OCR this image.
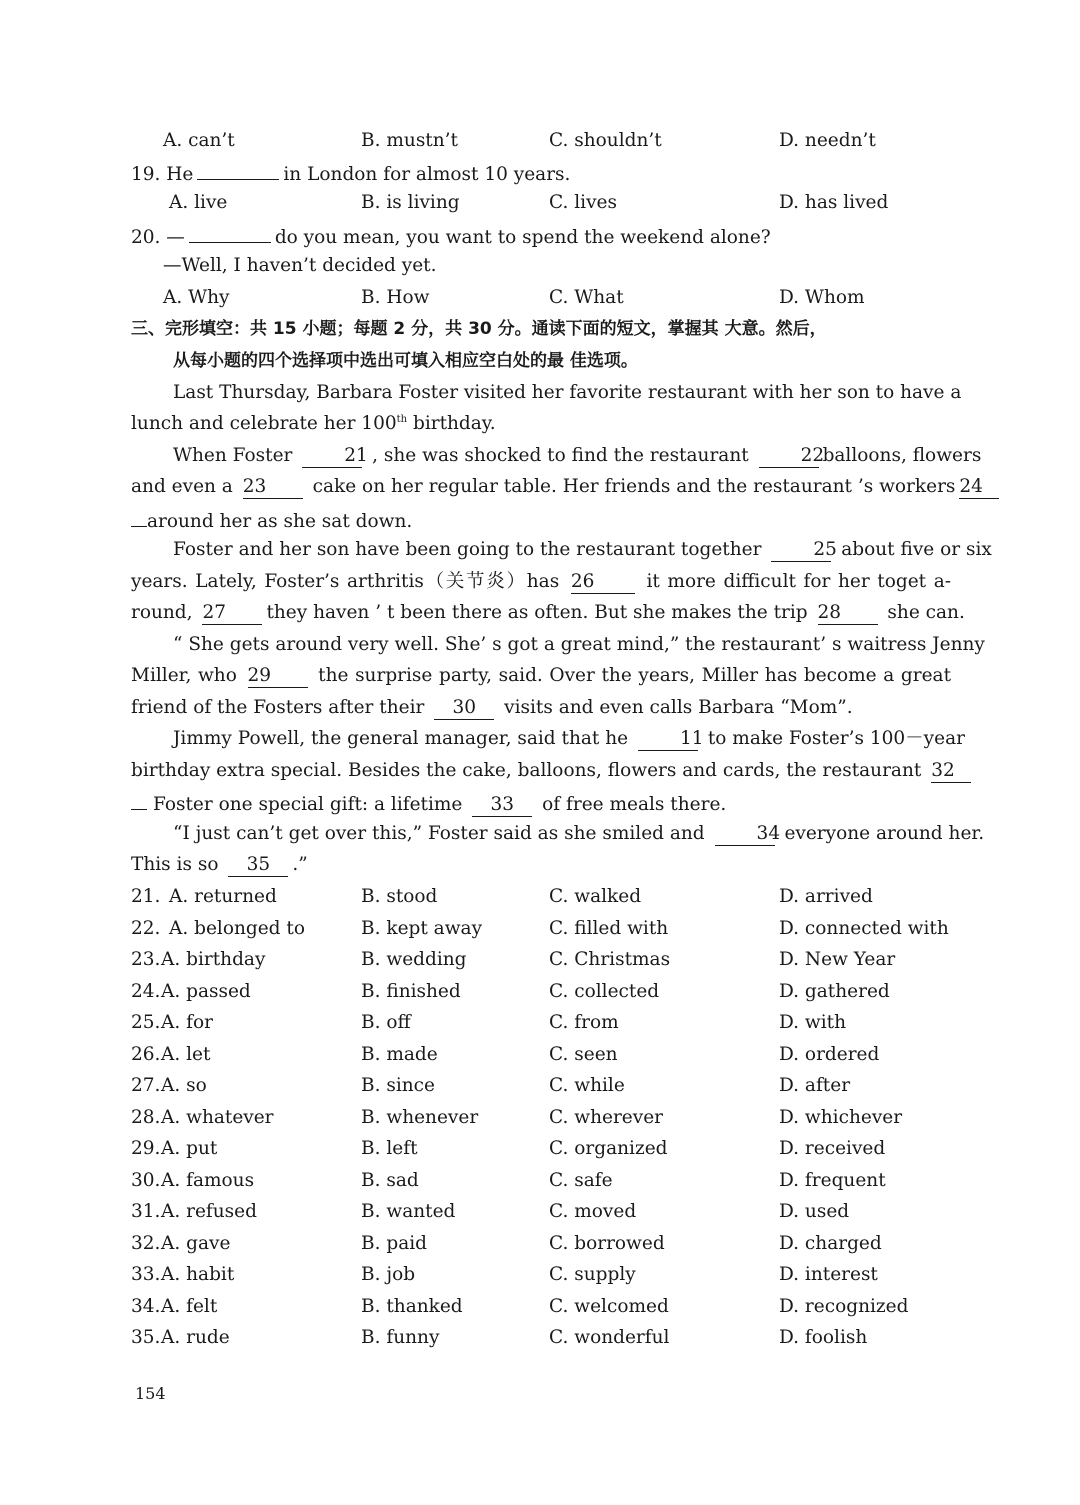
A. can’t	B. mustn’t	C. shouldn’t	D. needn’t
19. He	in London for almost 10 years.
A. live	B. is living	C. lives	D. has lived
20. —	do you mean, you want to spend the weekend alone?
—Well, I haven’t decided yet.
A. Why	B. How	C. What	D. Whom
三、完形填空：共 15 小题；每题 2 分，共 30 分。通读下面的短文，掌握其 大意。然后，
从每小题的四个选择项中选出可填入相应空白处的最 佳选项。
Last Thursday, Barbara Foster visited her favorite restaurant with her son to have a
lunch and celebrate her 100th birthday.
When Foster	21 , she was shocked to find the restaurant	22balloons, flowers
and even a 23	cake on her regular table. Her friends and the restaurant ’s workers 24
around her as she sat down.
Foster and her son have been going to the restaurant together	25 about five or six
years. Lately, Foster’s arthritis（关节炎）has 26	it more difficult for her toget a-
round, 27 they haven ’ t been there as often. But she makes the trip 28	she can.
“ She gets around very well. She’ s got a great mind,” the restaurant’ s waitress Jenny
Miller, who 29	the surprise party, said. Over the years, Miller has become a great
friend of the Fosters after their 30 visits and even calls Barbara “Mom”.
Jimmy Powell, the general manager, said that he	11 to make Foster’s 100－year
birthday extra special. Besides the cake, balloons, flowers and cards, the restaurant 32
Foster one special gift: a lifetime 33 of free meals there.
“I just can’t get over this,” Foster said as she smiled and	34 everyone around her.
This is so 35 .”
21. A. returned	B. stood	C. walked	D. arrived
22. A. belonged to	B. kept away	C. filled with	D. connected with
23. A. birthday	B. wedding	C. Christmas	D. New Year
24. A. passed	B. finished	C. collected	D. gathered
25. A. for	B. off	C. from	D. with
26. A. let	B. made	C. seen	D. ordered
27. A. so	B. since	C. while	D. after
28. A. whatever	B. whenever	C. wherever	D. whichever
29. A. put	B. left	C. organized	D. received
30. A. famous	B. sad	C. safe	D. frequent
31. A. refused	B. wanted	C. moved	D. used
32. A. gave	B. paid	C. borrowed	D. charged
33. A. habit	B. job	C. supply	D. interest
34. A. felt	B. thanked	C. welcomed	D. recognized
35. A. rude	B. funny	C. wonderful	D. foolish
154
